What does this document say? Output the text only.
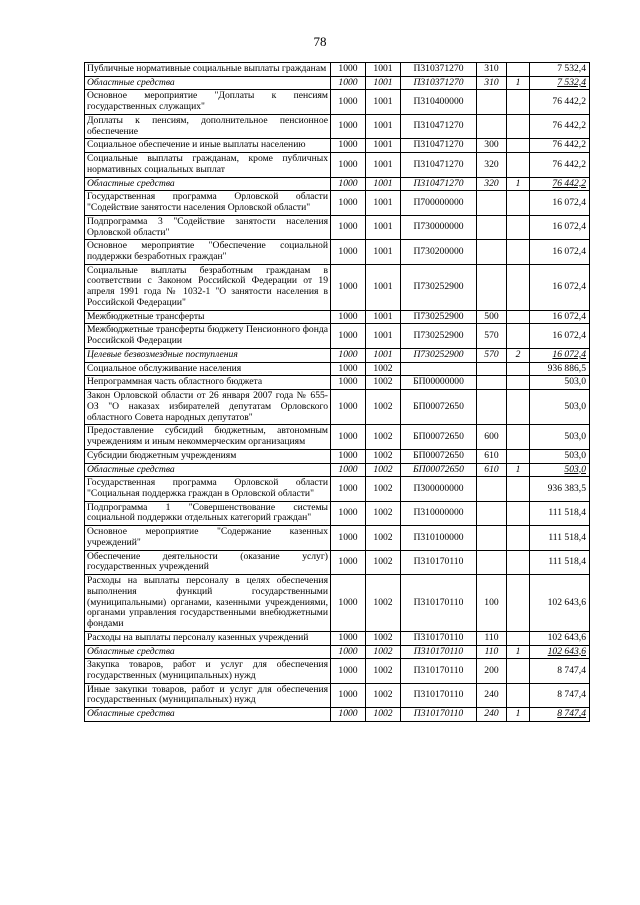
78
Публичные нормативные социальные выплаты гражданам	1000	1001	П310371270	310		7 532,4
Областные средства	1000	1001	П310371270	310	1	7 532,4
Основное мероприятие "Доплаты к пенсиям государственных служащих"	1000	1001	П310400000			76 442,2
Доплаты к пенсиям, дополнительное пенсионное обеспечение	1000	1001	П310471270			76 442,2
Социальное обеспечение и иные выплаты населению	1000	1001	П310471270	300		76 442,2
Социальные выплаты гражданам, кроме публичных нормативных социальных выплат	1000	1001	П310471270	320		76 442,2
Областные средства	1000	1001	П310471270	320	1	76 442,2
Государственная программа Орловской области "Содействие занятости населения Орловской области"	1000	1001	П700000000			16 072,4
Подпрограмма 3 "Содействие занятости населения Орловской области"	1000	1001	П730000000			16 072,4
Основное мероприятие "Обеспечение социальной поддержки безработных граждан"	1000	1001	П730200000			16 072,4
Социальные выплаты безработным гражданам в соответствии с Законом Российской Федерации от 19 апреля 1991 года № 1032-1 "О занятости населения в Российской Федерации"	1000	1001	П730252900			16 072,4
Межбюджетные трансферты	1000	1001	П730252900	500		16 072,4
Межбюджетные трансферты бюджету Пенсионного фонда Российской Федерации	1000	1001	П730252900	570		16 072,4
Целевые безвозмездные поступления	1000	1001	П730252900	570	2	16 072,4
Социальное обслуживание населения	1000	1002				936 886,5
Непрограммная часть областного бюджета	1000	1002	БП00000000			503,0
Закон Орловской области от 26 января 2007 года № 655-ОЗ "О наказах избирателей депутатам Орловского областного Совета народных депутатов"	1000	1002	БП00072650			503,0
Предоставление субсидий бюджетным, автономным учреждениям и иным некоммерческим организациям	1000	1002	БП00072650	600		503,0
Субсидии бюджетным учреждениям	1000	1002	БП00072650	610		503,0
Областные средства	1000	1002	БП00072650	610	1	503,0
Государственная программа Орловской области "Социальная поддержка граждан в Орловской области"	1000	1002	П300000000			936 383,5
Подпрограмма 1 "Совершенствование системы социальной поддержки отдельных категорий граждан"	1000	1002	П310000000			111 518,4
Основное мероприятие "Содержание казенных учреждений"	1000	1002	П310100000			111 518,4
Обеспечение деятельности (оказание услуг) государственных учреждений	1000	1002	П310170110			111 518,4
Расходы на выплаты персоналу в целях обеспечения выполнения функций государственными (муниципальными) органами, казенными учреждениями, органами управления государственными внебюджетными фондами	1000	1002	П310170110	100		102 643,6
Расходы на выплаты персоналу казенных учреждений	1000	1002	П310170110	110		102 643,6
Областные средства	1000	1002	П310170110	110	1	102 643,6
Закупка товаров, работ и услуг для обеспечения государственных (муниципальных) нужд	1000	1002	П310170110	200		8 747,4
Иные закупки товаров, работ и услуг для обеспечения государственных (муниципальных) нужд	1000	1002	П310170110	240		8 747,4
Областные средства	1000	1002	П310170110	240	1	8 747,4
